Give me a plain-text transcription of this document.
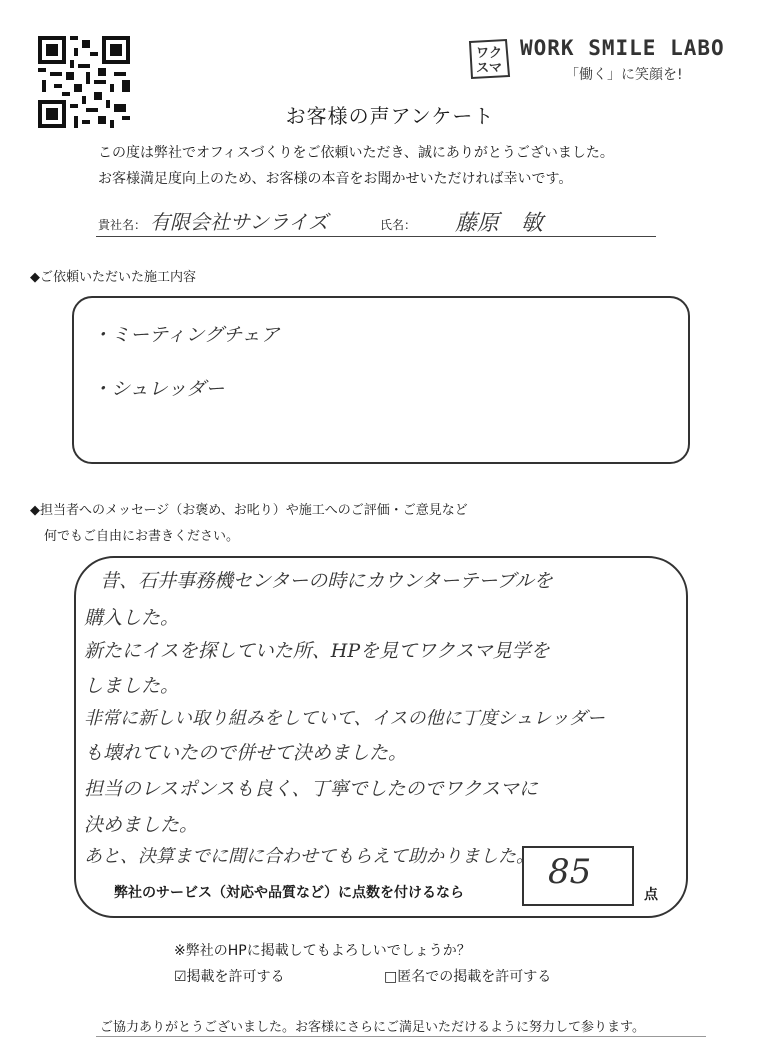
ワク
スマ
WORK SMILE LABO
「働く」に笑顔を!
お客様の声アンケート
この度は弊社でオフィスづくりをご依頼いただき、誠にありがとうございました。
お客様満足度向上のため、お客様の本音をお聞かせいただければ幸いです。
貴社名： 有限会社サンライズ	氏名： 藤原　敏
◆ご依頼いただいた施工内容
・ミーティングチェア
・シュレッダー
◆担当者へのメッセージ（お褒め、お叱り）や施工へのご評価・ご意見など
何でもご自由にお書きください。
昔、石井事務機センターの時にカウンターテーブルを
購入した。
新たにイスを探していた所、HPを見てワクスマ見学を
しました。
非常に新しい取り組みをしていて、イスの他に丁度シュレッダー
も壊れていたので併せて決めました。
担当のレスポンスも良く、丁寧でしたのでワクスマに
決めました。
あと、決算までに間に合わせてもらえて助かりました。
弊社のサービス（対応や品質など）に点数を付けるなら
85
点
※弊社のHPに掲載してもよろしいでしょうか？
☑掲載を許可する	□匿名での掲載を許可する
ご協力ありがとうございました。お客様にさらにご満足いただけるように努力して参ります。
